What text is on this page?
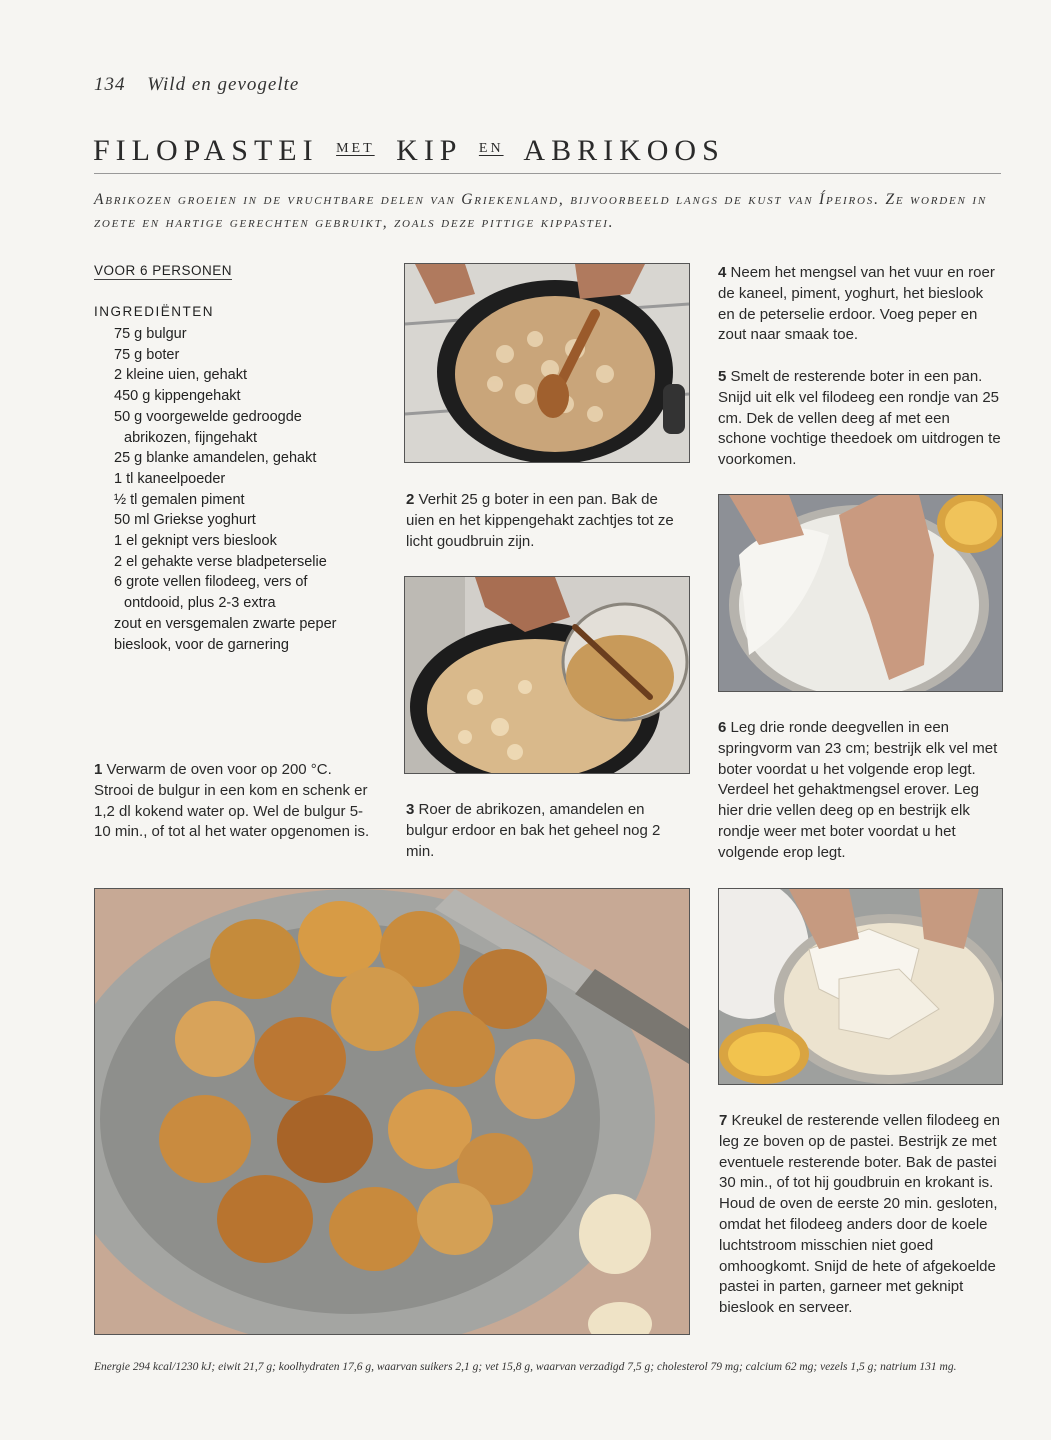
134 Wild en gevogelte
FILOPASTEI MET KIP EN ABRIKOOS
Abrikozen groeien in de vruchtbare delen van Griekenland, bijvoorbeeld langs de kust van Ípeiros. Ze worden in zoete en hartige gerechten gebruikt, zoals deze pittige kippastei.
VOOR 6 PERSONEN
INGREDIËNTEN
75 g bulgur
75 g boter
2 kleine uien, gehakt
450 g kippengehakt
50 g voorgewelde gedroogde abrikozen, fijngehakt
25 g blanke amandelen, gehakt
1 tl kaneelpoeder
½ tl gemalen piment
50 ml Griekse yoghurt
1 el geknipt vers bieslook
2 el gehakte verse bladpeterselie
6 grote vellen filodeeg, vers of ontdooid, plus 2-3 extra
zout en versgemalen zwarte peper
bieslook, voor de garnering
1 Verwarm de oven voor op 200 °C. Strooi de bulgur in een kom en schenk er 1,2 dl kokend water op. Wel de bulgur 5-10 min., of tot al het water opgenomen is.
2 Verhit 25 g boter in een pan. Bak de uien en het kippengehakt zachtjes tot ze licht goudbruin zijn.
3 Roer de abrikozen, amandelen en bulgur erdoor en bak het geheel nog 2 min.
4 Neem het mengsel van het vuur en roer de kaneel, piment, yoghurt, het bieslook en de peterselie erdoor. Voeg peper en zout naar smaak toe.
5 Smelt de resterende boter in een pan. Snijd uit elk vel filodeeg een rondje van 25 cm. Dek de vellen deeg af met een schone vochtige theedoek om uitdrogen te voorkomen.
6 Leg drie ronde deegvellen in een springvorm van 23 cm; bestrijk elk vel met boter voordat u het volgende erop legt. Verdeel het gehaktmengsel erover. Leg hier drie vellen deeg op en bestrijk elk rondje weer met boter voordat u het volgende erop legt.
7 Kreukel de resterende vellen filodeeg en leg ze boven op de pastei. Bestrijk ze met eventuele resterende boter. Bak de pastei 30 min., of tot hij goudbruin en krokant is. Houd de oven de eerste 20 min. gesloten, omdat het filodeeg anders door de koele luchtstroom misschien niet goed omhoogkomt. Snijd de hete of afgekoelde pastei in parten, garneer met geknipt bieslook en serveer.
Energie 294 kcal/1230 kJ; eiwit 21,7 g; koolhydraten 17,6 g, waarvan suikers 2,1 g; vet 15,8 g, waarvan verzadigd 7,5 g; cholesterol 79 mg; calcium 62 mg; vezels 1,5 g; natrium 131 mg.
